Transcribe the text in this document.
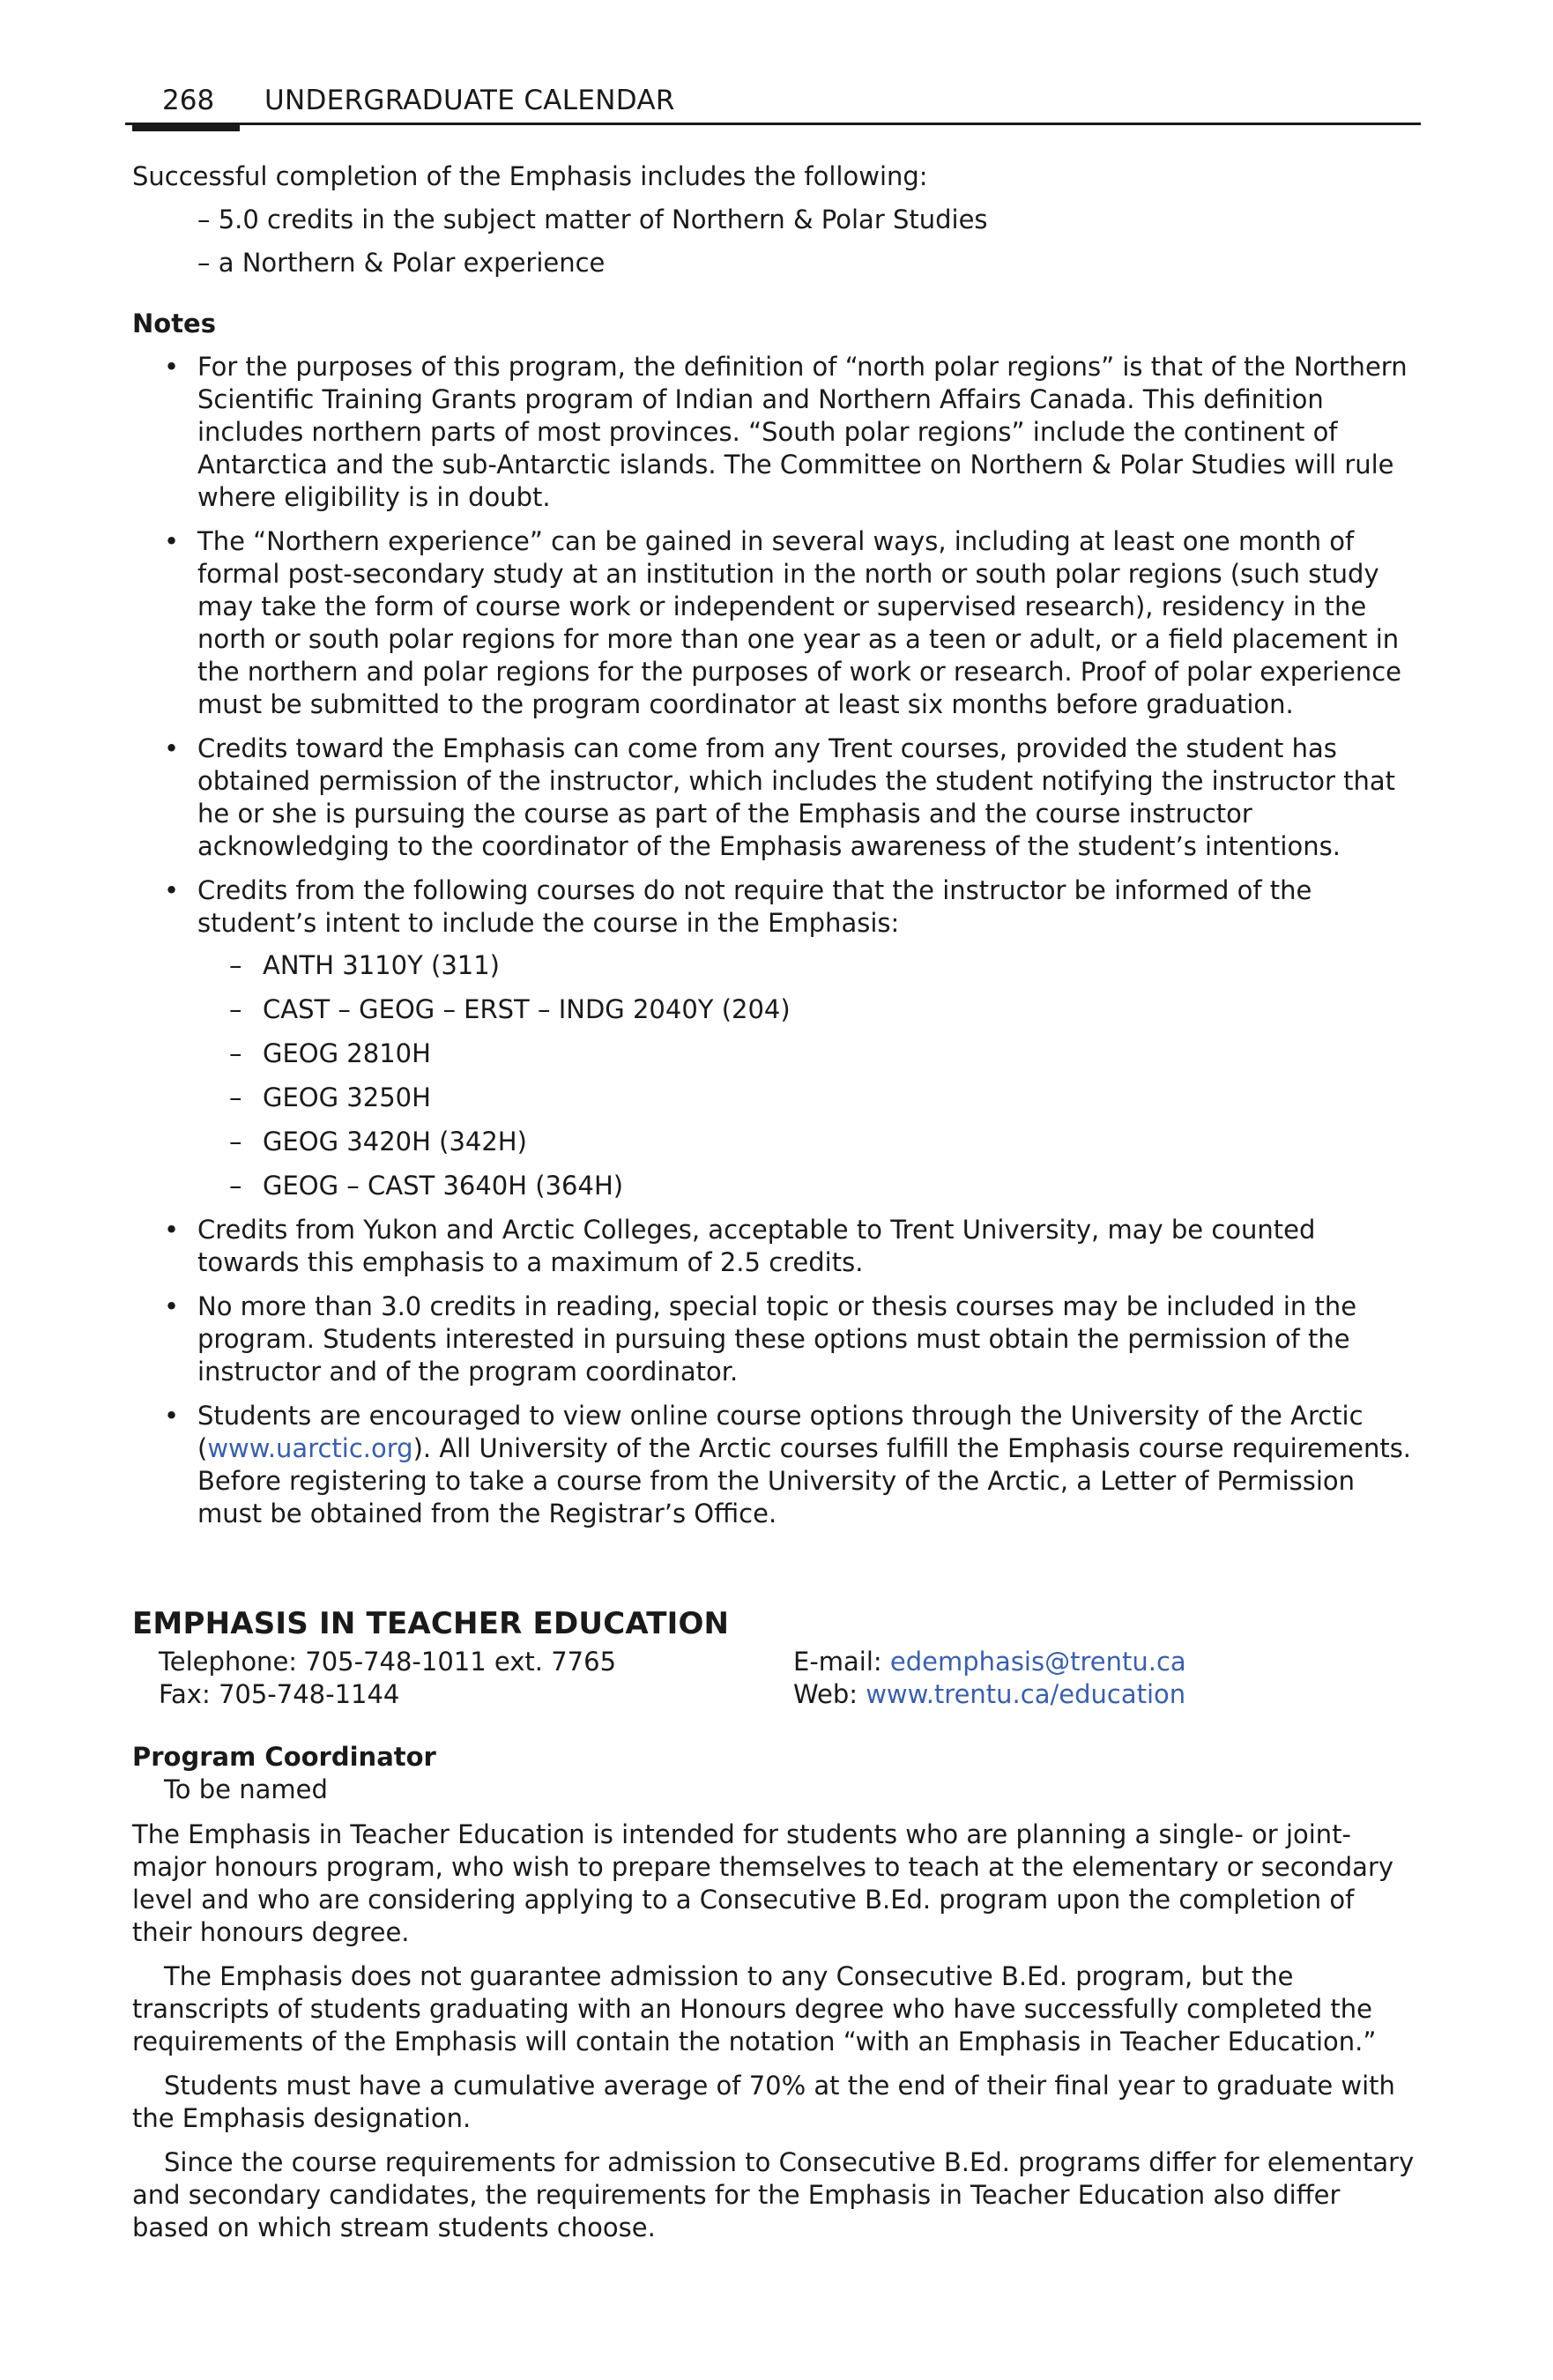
268 UNDERGRADUATE CALENDAR

Successful completion of the Emphasis includes the following:

– 5.0 credits in the subject matter of Northern & Polar Studies

– a Northern & Polar experience

Notes

• For the purposes of this program, the definition of “north polar regions” is that of the Northern Scientific Training Grants program of Indian and Northern Affairs Canada. This definition includes northern parts of most provinces. “South polar regions” include the continent of Antarctica and the sub-Antarctic islands. The Committee on Northern & Polar Studies will rule where eligibility is in doubt.
• The “Northern experience” can be gained in several ways, including at least one month of formal post-secondary study at an institution in the north or south polar regions (such study may take the form of course work or independent or supervised research), residency in the north or south polar regions for more than one year as a teen or adult, or a field placement in the northern and polar regions for the purposes of work or research. Proof of polar experience must be submitted to the program coordinator at least six months before graduation.
• Credits toward the Emphasis can come from any Trent courses, provided the student has obtained permission of the instructor, which includes the student notifying the instructor that he or she is pursuing the course as part of the Emphasis and the course instructor acknowledging to the coordinator of the Emphasis awareness of the student’s intentions.
• Credits from the following courses do not require that the instructor be informed of the student’s intent to include the course in the Emphasis:
– ANTH 3110Y (311)
– CAST – GEOG – ERST – INDG 2040Y (204)
– GEOG 2810H
– GEOG 3250H
– GEOG 3420H (342H)
– GEOG – CAST 3640H (364H)
• Credits from Yukon and Arctic Colleges, acceptable to Trent University, may be counted towards this emphasis to a maximum of 2.5 credits.
• No more than 3.0 credits in reading, special topic or thesis courses may be included in the program. Students interested in pursuing these options must obtain the permission of the instructor and of the program coordinator.
• Students are encouraged to view online course options through the University of the Arctic (www.uarctic.org). All University of the Arctic courses fulfill the Emphasis course requirements. Before registering to take a course from the University of the Arctic, a Letter of Permission must be obtained from the Registrar’s Office.

EMPHASIS IN TEACHER EDUCATION

Telephone: 705-748-1011 ext. 7765
Fax: 705-748-1144
E-mail: edemphasis@trentu.ca
Web: www.trentu.ca/education

Program Coordinator

To be named

The Emphasis in Teacher Education is intended for students who are planning a single- or joint-major honours program, who wish to prepare themselves to teach at the elementary or secondary level and who are considering applying to a Consecutive B.Ed. program upon the completion of their honours degree.

The Emphasis does not guarantee admission to any Consecutive B.Ed. program, but the transcripts of students graduating with an Honours degree who have successfully completed the requirements of the Emphasis will contain the notation “with an Emphasis in Teacher Education.”

Students must have a cumulative average of 70% at the end of their final year to graduate with the Emphasis designation.

Since the course requirements for admission to Consecutive B.Ed. programs differ for elementary and secondary candidates, the requirements for the Emphasis in Teacher Education also differ based on which stream students choose.
